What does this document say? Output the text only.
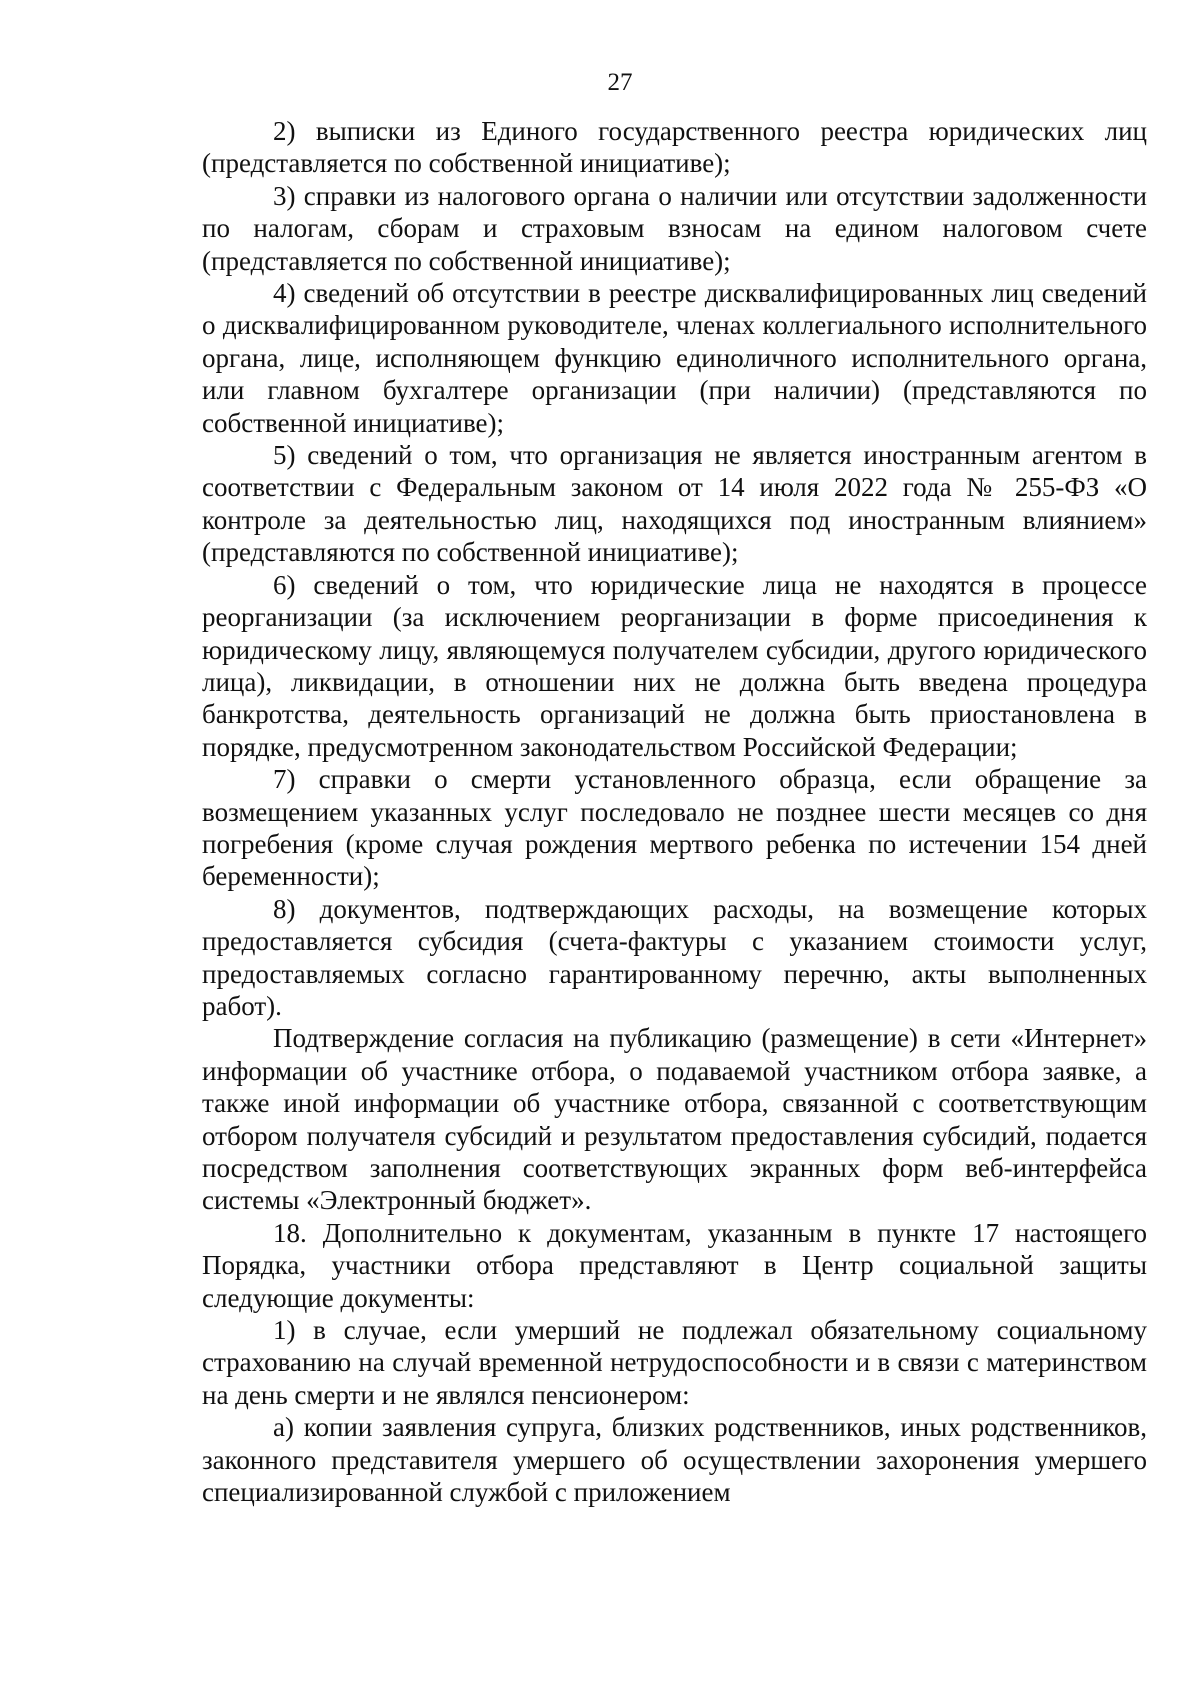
27

2) выписки из Единого государственного реестра юридических лиц (представляется по собственной инициативе);

3) справки из налогового органа о наличии или отсутствии задолженности по налогам, сборам и страховым взносам на едином налоговом счете (представляется по собственной инициативе);

4) сведений об отсутствии в реестре дисквалифицированных лиц сведений о дисквалифицированном руководителе, членах коллегиального исполнительного органа, лице, исполняющем функцию единоличного исполнительного органа, или главном бухгалтере организации (при наличии) (представляются по собственной инициативе);

5) сведений о том, что организация не является иностранным агентом в соответствии с Федеральным законом от 14 июля 2022 года № 255-ФЗ «О контроле за деятельностью лиц, находящихся под иностранным влиянием» (представляются по собственной инициативе);

6) сведений о том, что юридические лица не находятся в процессе реорганизации (за исключением реорганизации в форме присоединения к юридическому лицу, являющемуся получателем субсидии, другого юридического лица), ликвидации, в отношении них не должна быть введена процедура банкротства, деятельность организаций не должна быть приостановлена в порядке, предусмотренном законодательством Российской Федерации;

7) справки о смерти установленного образца, если обращение за возмещением указанных услуг последовало не позднее шести месяцев со дня погребения (кроме случая рождения мертвого ребенка по истечении 154 дней беременности);

8) документов, подтверждающих расходы, на возмещение которых предоставляется субсидия (счета-фактуры с указанием стоимости услуг, предоставляемых согласно гарантированному перечню, акты выполненных работ).

Подтверждение согласия на публикацию (размещение) в сети «Интернет» информации об участнике отбора, о подаваемой участником отбора заявке, а также иной информации об участнике отбора, связанной с соответствующим отбором получателя субсидий и результатом предоставления субсидий, подается посредством заполнения соответствующих экранных форм веб-интерфейса системы «Электронный бюджет».

18. Дополнительно к документам, указанным в пункте 17 настоящего Порядка, участники отбора представляют в Центр социальной защиты следующие документы:

1) в случае, если умерший не подлежал обязательному социальному страхованию на случай временной нетрудоспособности и в связи с материнством на день смерти и не являлся пенсионером:

а) копии заявления супруга, близких родственников, иных родственников, законного представителя умершего об осуществлении захоронения умершего специализированной службой с приложением
